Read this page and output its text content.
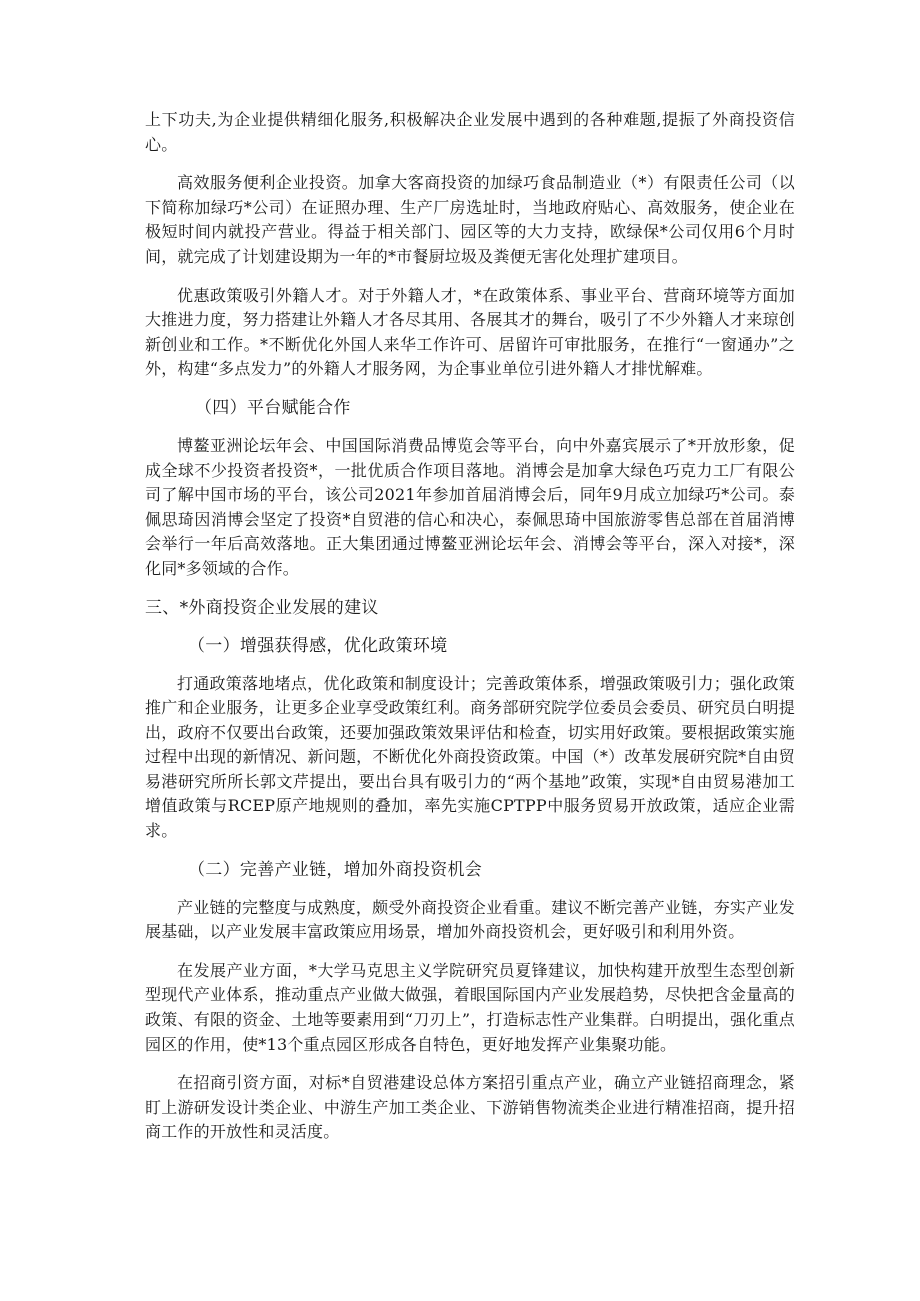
上下功夫,为企业提供精细化服务,积极解决企业发展中遇到的各种难题,提振了外商投资信心。

高效服务便利企业投资。加拿大客商投资的加绿巧食品制造业（*）有限责任公司（以下简称加绿巧*公司）在证照办理、生产厂房选址时，当地政府贴心、高效服务，使企业在极短时间内就投产营业。得益于相关部门、园区等的大力支持，欧绿保*公司仅用6个月时间，就完成了计划建设期为一年的*市餐厨垃圾及粪便无害化处理扩建项目。

优惠政策吸引外籍人才。对于外籍人才，*在政策体系、事业平台、营商环境等方面加大推进力度，努力搭建让外籍人才各尽其用、各展其才的舞台，吸引了不少外籍人才来琼创新创业和工作。*不断优化外国人来华工作许可、居留许可审批服务，在推行“一窗通办”之外，构建“多点发力”的外籍人才服务网，为企事业单位引进外籍人才排忧解难。

（四）平台赋能合作

博鳌亚洲论坛年会、中国国际消费品博览会等平台，向中外嘉宾展示了*开放形象，促成全球不少投资者投资*，一批优质合作项目落地。消博会是加拿大绿色巧克力工厂有限公司了解中国市场的平台，该公司2021年参加首届消博会后，同年9月成立加绿巧*公司。泰佩思琦因消博会坚定了投资*自贸港的信心和决心，泰佩思琦中国旅游零售总部在首届消博会举行一年后高效落地。正大集团通过博鳌亚洲论坛年会、消博会等平台，深入对接*，深化同*多领域的合作。

三、*外商投资企业发展的建议
（一）增强获得感，优化政策环境

打通政策落地堵点，优化政策和制度设计；完善政策体系，增强政策吸引力；强化政策推广和企业服务，让更多企业享受政策红利。商务部研究院学位委员会委员、研究员白明提出，政府不仅要出台政策，还要加强政策效果评估和检查，切实用好政策。要根据政策实施过程中出现的新情况、新问题，不断优化外商投资政策。中国（*）改革发展研究院*自由贸易港研究所所长郭文芹提出，要出台具有吸引力的“两个基地”政策，实现*自由贸易港加工增值政策与RCEP原产地规则的叠加，率先实施CPTPP中服务贸易开放政策，适应企业需求。

（二）完善产业链，增加外商投资机会

产业链的完整度与成熟度，颇受外商投资企业看重。建议不断完善产业链，夯实产业发展基础，以产业发展丰富政策应用场景，增加外商投资机会，更好吸引和利用外资。

在发展产业方面，*大学马克思主义学院研究员夏锋建议，加快构建开放型生态型创新型现代产业体系，推动重点产业做大做强，着眼国际国内产业发展趋势，尽快把含金量高的政策、有限的资金、土地等要素用到“刀刃上”，打造标志性产业集群。白明提出，强化重点园区的作用，使*13个重点园区形成各自特色，更好地发挥产业集聚功能。

在招商引资方面，对标*自贸港建设总体方案招引重点产业，确立产业链招商理念，紧盯上游研发设计类企业、中游生产加工类企业、下游销售物流类企业进行精准招商，提升招商工作的开放性和灵活度。
